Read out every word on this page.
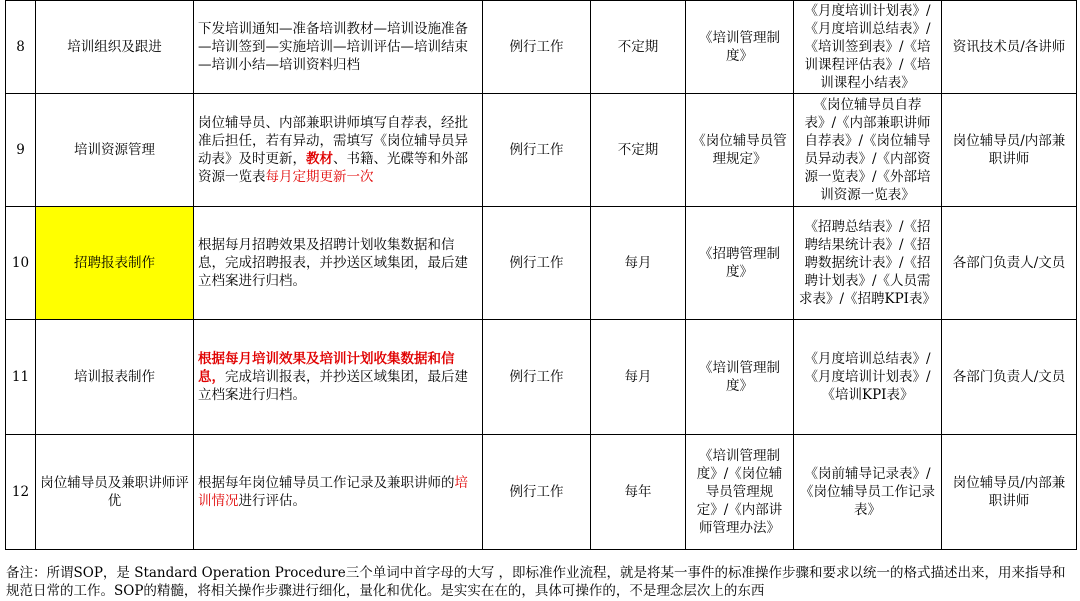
8	培训组织及跟进	下发培训通知—准备培训教材—培训设施准备—培训签到—实施培训—培训评估—培训结束—培训小结—培训资料归档	例行工作	不定期	《培训管理制度》	《月度培训计划表》/《月度培训总结表》/《培训签到表》/《培训课程评估表》/《培训课程小结表》	资讯技术员/各讲师
9	培训资源管理	岗位辅导员、内部兼职讲师填写自荐表，经批准后担任，若有异动，需填写《岗位辅导员异动表》及时更新，教材、书籍、光碟等和外部资源一览表每月定期更新一次	例行工作	不定期	《岗位辅导员管理规定》	《岗位辅导员自荐表》/《内部兼职讲师自荐表》/《岗位辅导员异动表》/《内部资源一览表》/《外部培训资源一览表》	岗位辅导员/内部兼职讲师
10	招聘报表制作	根据每月招聘效果及招聘计划收集数据和信息，完成招聘报表，并抄送区域集团，最后建立档案进行归档。	例行工作	每月	《招聘管理制度》	《招聘总结表》/《招聘结果统计表》/《招聘数据统计表》/《招聘计划表》/《人员需求表》/《招聘KPI表》	各部门负责人/文员
11	培训报表制作	根据每月培训效果及培训计划收集数据和信息，完成培训报表，并抄送区域集团，最后建立档案进行归档。	例行工作	每月	《培训管理制度》	《月度培训总结表》/《月度培训计划表》/《培训KPI表》	各部门负责人/文员
12	岗位辅导员及兼职讲师评优	根据每年岗位辅导员工作记录及兼职讲师的培训情况进行评估。	例行工作	每年	《培训管理制度》/《岗位辅导员管理规定》/《内部讲师管理办法》	《岗前辅导记录表》/《岗位辅导员工作记录表》	岗位辅导员/内部兼职讲师
备注：所谓SOP，是 Standard Operation Procedure三个单词中首字母的大写 ，即标准作业流程，就是将某一事件的标准操作步骤和要求以统一的格式描述出来，用来指导和规范日常的工作。SOP的精髓，将相关操作步骤进行细化，量化和优化。是实实在在的，具体可操作的，不是理念层次上的东西
